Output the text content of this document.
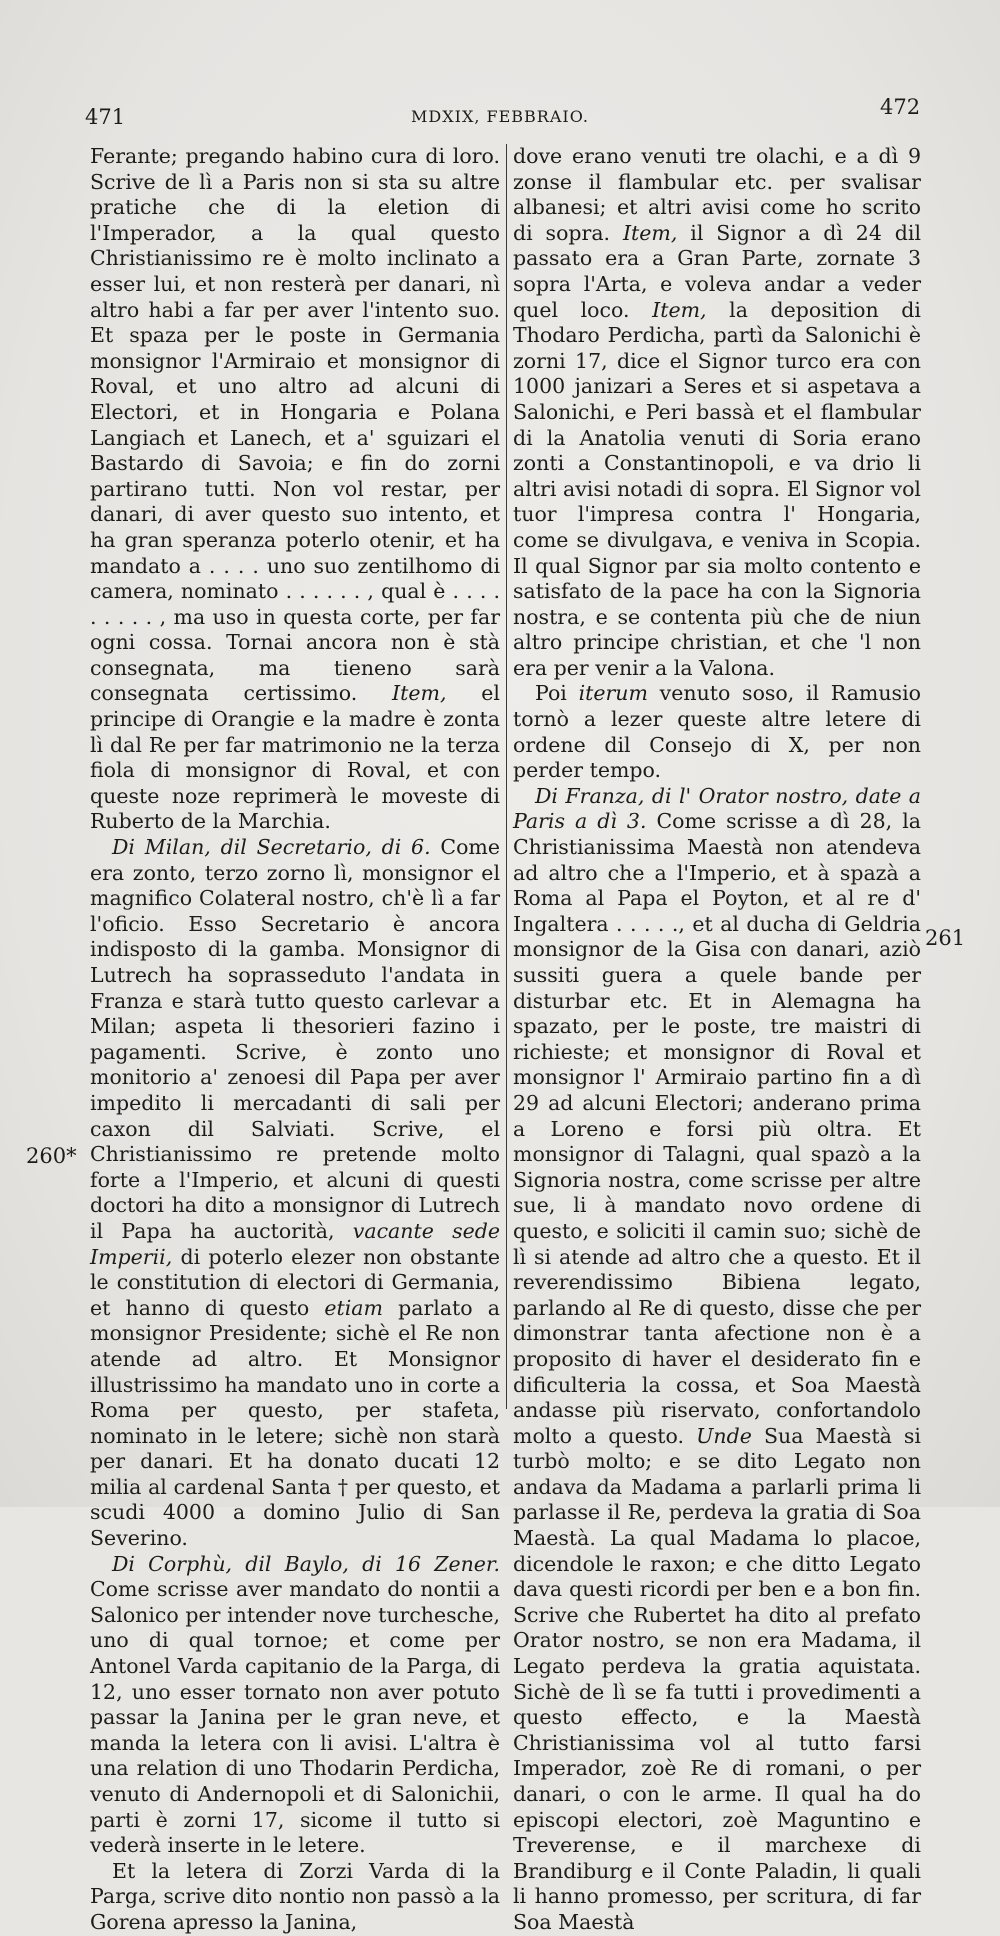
471	MDXIX, FEBBRAIO.	472
260*
261

Ferante; pregando habino cura di loro. Scrive de lì a Paris non si sta su altre pratiche che di la eletion di l'Imperador, a la qual questo Christianissimo re è molto inclinato a esser lui, et non resterà per danari, nì altro habi a far per aver l'intento suo. Et spaza per le poste in Germania monsignor l'Armiraio et monsignor di Roval, et uno altro ad alcuni di Electori, et in Hongaria e Polana Langiach et Lanech, et a' sguizari el Bastardo di Savoia; e fin do zorni partirano tutti. Non vol restar, per danari, di aver questo suo intento, et ha gran speranza poterlo otenir, et ha mandato a . . . . uno suo zentilhomo di camera, nominato . . . . . . , qual è . . . . . . . . . , ma uso in questa corte, per far ogni cossa. Tornai ancora non è stà consegnata, ma tieneno sarà consegnata certissimo. Item, el principe di Orangie e la madre è zonta lì dal Re per far matrimonio ne la terza fiola di monsignor di Roval, et con queste noze reprimerà le moveste di Ruberto de la Marchia.

Di Milan, dil Secretario, di 6. Come era zonto, terzo zorno lì, monsignor el magnifico Colateral nostro, ch'è lì a far l'oficio. Esso Secretario è ancora indisposto di la gamba. Monsignor di Lutrech ha soprasseduto l'andata in Franza e starà tutto questo carlevar a Milan; aspeta li thesorieri fazino i pagamenti. Scrive, è zonto uno monitorio a' zenoesi dil Papa per aver impedito li mercadanti di sali per caxon dil Salviati. Scrive, el Christianissimo re pretende molto forte a l'Imperio, et alcuni di questi doctori ha dito a monsignor di Lutrech il Papa ha auctorità, vacante sede Imperii, di poterlo elezer non obstante le constitution di electori di Germania, et hanno di questo etiam parlato a monsignor Presidente; sichè el Re non atende ad altro. Et Monsignor illustrissimo ha mandato uno in corte a Roma per questo, per stafeta, nominato in le letere; sichè non starà per danari. Et ha donato ducati 12 milia al cardenal Santa † per questo, et scudi 4000 a domino Julio di San Severino.

Di Corphù, dil Baylo, di 16 Zener. Come scrisse aver mandato do nontii a Salonico per intender nove turchesche, uno di qual tornoe; et come per Antonel Varda capitanio de la Parga, di 12, uno esser tornato non aver potuto passar la Janina per le gran neve, et manda la letera con li avisi. L'altra è una relation di uno Thodarin Perdicha, venuto di Andernopoli et di Salonichii, parti è zorni 17, sicome il tutto si vederà inserte in le letere.

Et la letera di Zorzi Varda di la Parga, scrive dito nontio non passò a la Gorena apresso la Janina,

dove erano venuti tre olachi, e a dì 9 zonse il flambular etc. per svalisar albanesi; et altri avisi come ho scrito di sopra. Item, il Signor a dì 24 dil passato era a Gran Parte, zornate 3 sopra l'Arta, e voleva andar a veder quel loco. Item, la deposition di Thodaro Perdicha, partì da Salonichi è zorni 17, dice el Signor turco era con 1000 janizari a Seres et si aspetava a Salonichi, e Peri bassà et el flambular di la Anatolia venuti di Soria erano zonti a Constantinopoli, e va drio li altri avisi notadi di sopra. El Signor vol tuor l'impresa contra l' Hongaria, come se divulgava, e veniva in Scopia. Il qual Signor par sia molto contento e satisfato de la pace ha con la Signoria nostra, e se contenta più che de niun altro principe christian, et che 'l non era per venir a la Valona.

Poi iterum venuto soso, il Ramusio tornò a lezer queste altre letere di ordene dil Consejo di X, per non perder tempo.

Di Franza, di l' Orator nostro, date a Paris a dì 3. Come scrisse a dì 28, la Christianissima Maestà non atendeva ad altro che a l'Imperio, et à spazà a Roma al Papa el Poyton, et al re d' Ingaltera . . . . ., et al ducha di Geldria monsignor de la Gisa con danari, aziò sussiti guera a quele bande per disturbar etc. Et in Alemagna ha spazato, per le poste, tre maistri di richieste; et monsignor di Roval et monsignor l' Armiraio partino fin a dì 29 ad alcuni Electori; anderano prima a Loreno e forsi più oltra. Et monsignor di Talagni, qual spazò a la Signoria nostra, come scrisse per altre sue, li à mandato novo ordene di questo, e soliciti il camin suo; sichè de lì si atende ad altro che a questo. Et il reverendissimo Bibiena legato, parlando al Re di questo, disse che per dimonstrar tanta afectione non è a proposito di haver el desiderato fin e dificulteria la cossa, et Soa Maestà andasse più riservato, confortandolo molto a questo. Unde Sua Maestà si turbò molto; e se dito Legato non andava da Madama a parlarli prima li parlasse il Re, perdeva la gratia di Soa Maestà. La qual Madama lo placoe, dicendole le raxon; e che ditto Legato dava questi ricordi per ben e a bon fin. Scrive che Rubertet ha dito al prefato Orator nostro, se non era Madama, il Legato perdeva la gratia aquistata. Sichè de lì se fa tutti i provedimenti a questo effecto, e la Maestà Christianissima vol al tutto farsi Imperador, zoè Re di romani, o per danari, o con le arme. Il qual ha do episcopi electori, zoè Maguntino e Treverense, e il marchexe di Brandiburg e il Conte Paladin, li quali li hanno promesso, per scritura, di far Soa Maestà
